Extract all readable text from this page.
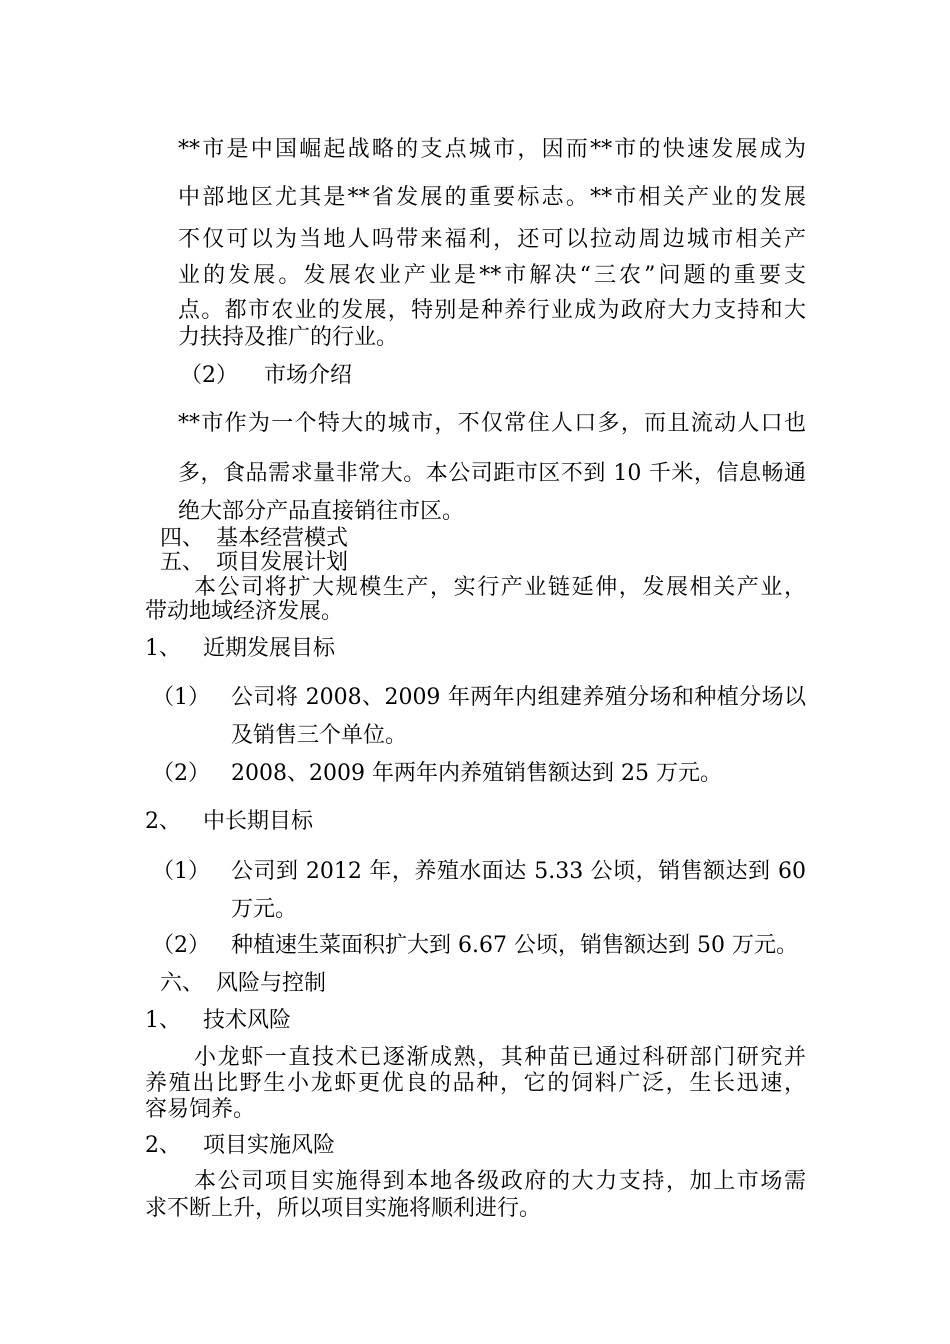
**市是中国崛起战略的支点城市，因而**市的快速发展成为
中部地区尤其是**省发展的重要标志。**市相关产业的发展
不仅可以为当地人吗带来福利，还可以拉动周边城市相关产
业的发展。发展农业产业是**市解决“三农”问题的重要支
点。都市农业的发展，特别是种养行业成为政府大力支持和大
力扶持及推广的行业。
（2） 市场介绍
**市作为一个特大的城市，不仅常住人口多，而且流动人口也
多，食品需求量非常大。本公司距市区不到 10 千米，信息畅通
绝大部分产品直接销往市区。
四、 基本经营模式
五、 项目发展计划
本公司将扩大规模生产，实行产业链延伸，发展相关产业，
带动地域经济发展。
1、 近期发展目标
（1） 公司将 2008、2009 年两年内组建养殖分场和种植分场以
及销售三个单位。
（2） 2008、2009 年两年内养殖销售额达到 25 万元。
2、 中长期目标
（1） 公司到 2012 年，养殖水面达 5.33 公顷，销售额达到 60
万元。
（2） 种植速生菜面积扩大到 6.67 公顷，销售额达到 50 万元。
六、 风险与控制
1、 技术风险
小龙虾一直技术已逐渐成熟，其种苗已通过科研部门研究并
养殖出比野生小龙虾更优良的品种，它的饲料广泛，生长迅速，
容易饲养。
2、 项目实施风险
本公司项目实施得到本地各级政府的大力支持，加上市场需
求不断上升，所以项目实施将顺利进行。
